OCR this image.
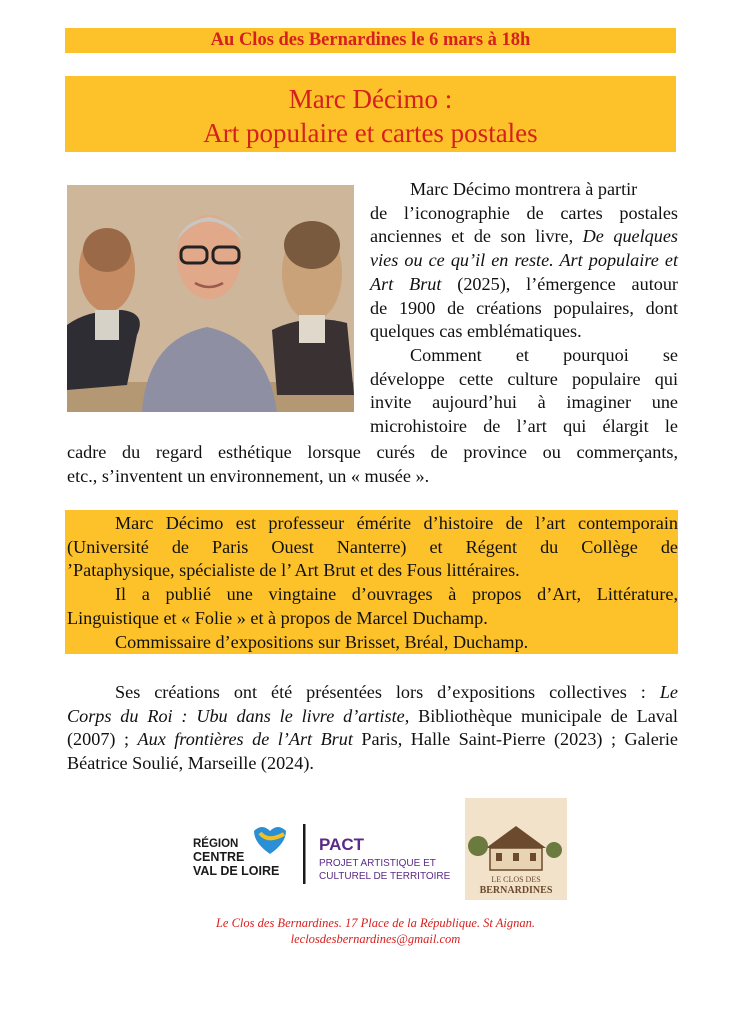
Au Clos des Bernardines le 6 mars à 18h
Marc Décimo :
Art populaire et cartes postales
Marc Décimo montrera à partir
de l’iconographie de cartes postales
anciennes et de son livre, De quelques
vies ou ce qu’il en reste. Art populaire et
Art Brut (2025), l’émergence autour
de 1900 de créations populaires, dont
quelques cas emblématiques.
Comment et pourquoi se
développe cette culture populaire qui
invite aujourd’hui à imaginer une
microhistoire de l’art qui élargit le
cadre du regard esthétique lorsque curés de province ou commerçants,
etc., s’inventent un environnement, un « musée ».
Marc Décimo est professeur émérite d’histoire de l’art contemporain
(Université de Paris Ouest Nanterre) et Régent du Collège de
’Pataphysique, spécialiste de l’ Art Brut et des Fous littéraires.
Il a publié une vingtaine d’ouvrages à propos d’Art, Littérature,
Linguistique et « Folie » et à propos de Marcel Duchamp.
Commissaire d’expositions sur Brisset, Bréal, Duchamp.
Ses créations ont été présentées lors d’expositions collectives : Le
Corps du Roi : Ubu dans le livre d’artiste, Bibliothèque municipale de Laval
(2007) ; Aux frontières de l’Art Brut Paris, Halle Saint-Pierre (2023) ; Galerie
Béatrice Soulié, Marseille (2024).
RÉGION
CENTRE
VAL DE LOIRE
PACT
PROJET ARTISTIQUE ET
CULTUREL DE TERRITOIRE	LE CLOS DES
BERNARDINES
Le Clos des Bernardines. 17 Place de la République. St Aignan.
leclosdesbernardines@gmail.com
